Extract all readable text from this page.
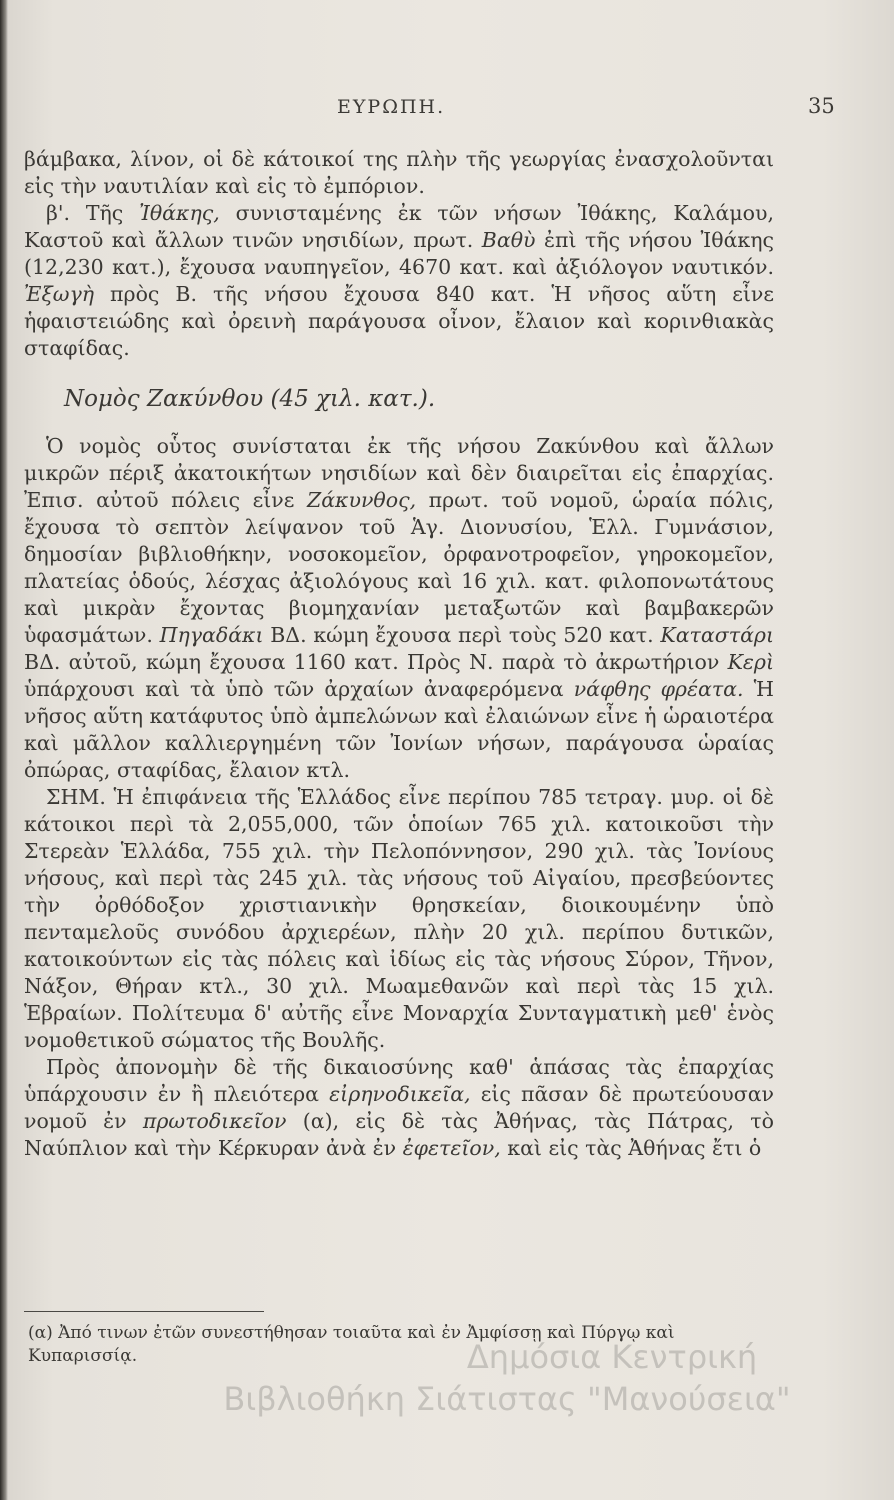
ΕΥΡΩΠΗ.	35

βάμβακα, λίνον, οἱ δὲ κάτοικοί της πλὴν τῆς γεωργίας ἐνασχολοῦνται εἰς τὴν ναυτιλίαν καὶ εἰς τὸ ἐμπόριον.

β'. Τῆς Ἰθάκης, συνισταμένης ἐκ τῶν νήσων Ἰθάκης, Καλάμου, Καστοῦ καὶ ἄλλων τινῶν νησιδίων, πρωτ. Βαθὺ ἐπὶ τῆς νήσου Ἰθάκης (12,230 κατ.), ἔχουσα ναυπηγεῖον, 4670 κατ. καὶ ἀξιόλογον ναυτικόν. Ἐξωγὴ πρὸς Β. τῆς νήσου ἔχουσα 840 κατ. Ἡ νῆσος αὕτη εἶνε ἡφαιστειώδης καὶ ὀρεινὴ παράγουσα οἶνον, ἔλαιον καὶ κορινθιακὰς σταφίδας.

Νομὸς Ζακύνθου (45 χιλ. κατ.).

Ὁ νομὸς οὗτος συνίσταται ἐκ τῆς νήσου Ζακύνθου καὶ ἄλλων μικρῶν πέριξ ἀκατοικήτων νησιδίων καὶ δὲν διαιρεῖται εἰς ἐπαρχίας. Ἐπισ. αὐτοῦ πόλεις εἶνε Ζάκυνθος, πρωτ. τοῦ νομοῦ, ὡραία πόλις, ἔχουσα τὸ σεπτὸν λείψανον τοῦ Ἁγ. Διονυσίου, Ἑλλ. Γυμνάσιον, δημοσίαν βιβλιοθήκην, νοσοκομεῖον, ὀρφανοτροφεῖον, γηροκομεῖον, πλατείας ὁδούς, λέσχας ἀξιολόγους καὶ 16 χιλ. κατ. φιλοπονωτάτους καὶ μικρὰν ἔχοντας βιομηχανίαν μεταξωτῶν καὶ βαμβακερῶν ὑφασμάτων. Πηγαδάκι ΒΔ. κώμη ἔχουσα περὶ τοὺς 520 κατ. Καταστάρι ΒΔ. αὐτοῦ, κώμη ἔχουσα 1160 κατ. Πρὸς Ν. παρὰ τὸ ἀκρωτήριον Κερὶ ὑπάρχουσι καὶ τὰ ὑπὸ τῶν ἀρχαίων ἀναφερόμενα νάφθης φρέατα. Ἡ νῆσος αὕτη κατάφυτος ὑπὸ ἀμπελώνων καὶ ἐλαιώνων εἶνε ἡ ὡραιοτέρα καὶ μᾶλλον καλλιεργημένη τῶν Ἰονίων νήσων, παράγουσα ὡραίας ὀπώρας, σταφίδας, ἔλαιον κτλ.

ΣΗΜ. Ἡ ἐπιφάνεια τῆς Ἑλλάδος εἶνε περίπου 785 τετραγ. μυρ. οἱ δὲ κάτοικοι περὶ τὰ 2,055,000, τῶν ὁποίων 765 χιλ. κατοικοῦσι τὴν Στερεὰν Ἑλλάδα, 755 χιλ. τὴν Πελοπόννησον, 290 χιλ. τὰς Ἰονίους νήσους, καὶ περὶ τὰς 245 χιλ. τὰς νήσους τοῦ Αἰγαίου, πρεσβεύοντες τὴν ὀρθόδοξον χριστιανικὴν θρησκείαν, διοικουμένην ὑπὸ πενταμελοῦς συνόδου ἀρχιερέων, πλὴν 20 χιλ. περίπου δυτικῶν, κατοικούντων εἰς τὰς πόλεις καὶ ἰδίως εἰς τὰς νήσους Σύρον, Τῆνον, Νάξον, Θήραν κτλ., 30 χιλ. Μωαμεθανῶν καὶ περὶ τὰς 15 χιλ. Ἑβραίων. Πολίτευμα δ' αὐτῆς εἶνε Μοναρχία Συνταγματικὴ μεθ' ἑνὸς νομοθετικοῦ σώματος τῆς Βουλῆς.

Πρὸς ἀπονομὴν δὲ τῆς δικαιοσύνης καθ' ἁπάσας τὰς ἐπαρχίας ὑπάρχουσιν ἐν ἢ πλειότερα εἰρηνοδικεῖα, εἰς πᾶσαν δὲ πρωτεύουσαν νομοῦ ἐν πρωτοδικεῖον (α), εἰς δὲ τὰς Ἀθήνας, τὰς Πάτρας, τὸ Ναύπλιον καὶ τὴν Κέρκυραν ἀνὰ ἐν ἐφετεῖον, καὶ εἰς τὰς Ἀθήνας ἔτι ὁ

(α) Ἀπό τινων ἐτῶν συνεστήθησαν τοιαῦτα καὶ ἐν Ἀμφίσσῃ καὶ Πύργῳ καὶ Κυπαρισσίᾳ.	Δημόσια Κεντρική
Βιβλιοθήκη Σιάτιστας "Μανούσεια"
